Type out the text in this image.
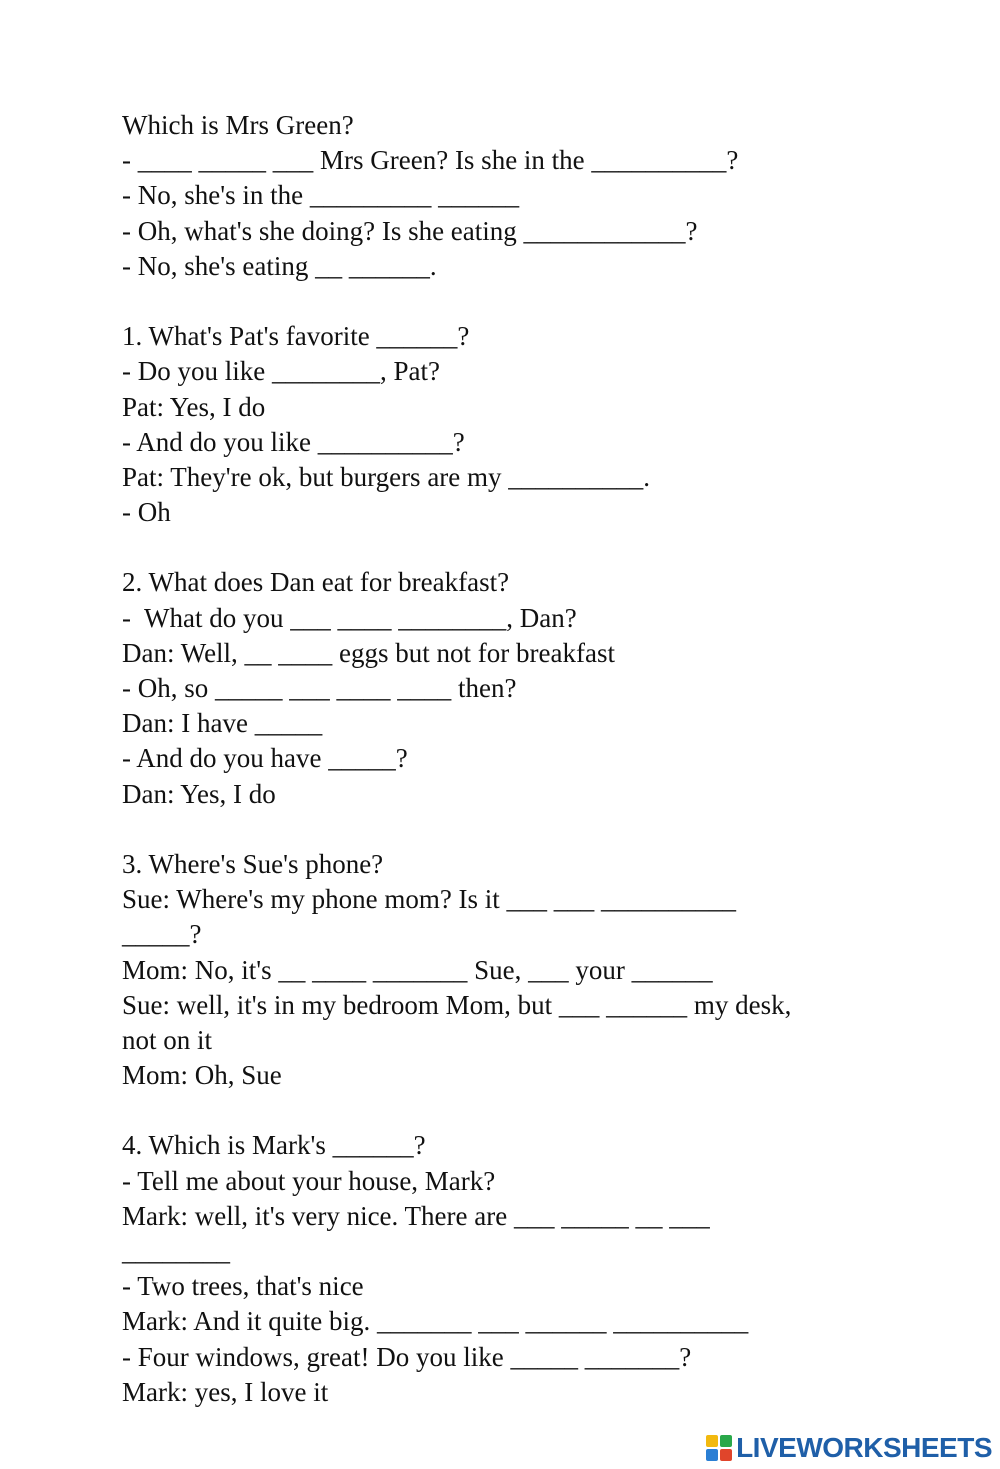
Which is Mrs Green?
- ____ _____ ___ Mrs Green? Is she in the __________?
- No, she's in the _________ ______
- Oh, what's she doing? Is she eating ____________?
- No, she's eating __ ______.
1. What's Pat's favorite ______?
- Do you like ________, Pat?
Pat: Yes, I do
- And do you like __________?
Pat: They're ok, but burgers are my __________.
- Oh
2. What does Dan eat for breakfast?
-  What do you ___ ____ ________, Dan?
Dan: Well, __ ____ eggs but not for breakfast
- Oh, so _____ ___ ____ ____ then?
Dan: I have _____
- And do you have _____?
Dan: Yes, I do
3. Where's Sue's phone?
Sue: Where's my phone mom? Is it ___ ___ __________
_____?
Mom: No, it's __ ____ _______ Sue, ___ your ______
Sue: well, it's in my bedroom Mom, but ___ ______ my desk,
not on it
Mom: Oh, Sue
4. Which is Mark's ______?
- Tell me about your house, Mark?
Mark: well, it's very nice. There are ___ _____ __ ___
________
- Two trees, that's nice
Mark: And it quite big. _______ ___ ______ __________
- Four windows, great! Do you like _____ _______?
Mark: yes, I love it
LIVEWORKSHEETS
